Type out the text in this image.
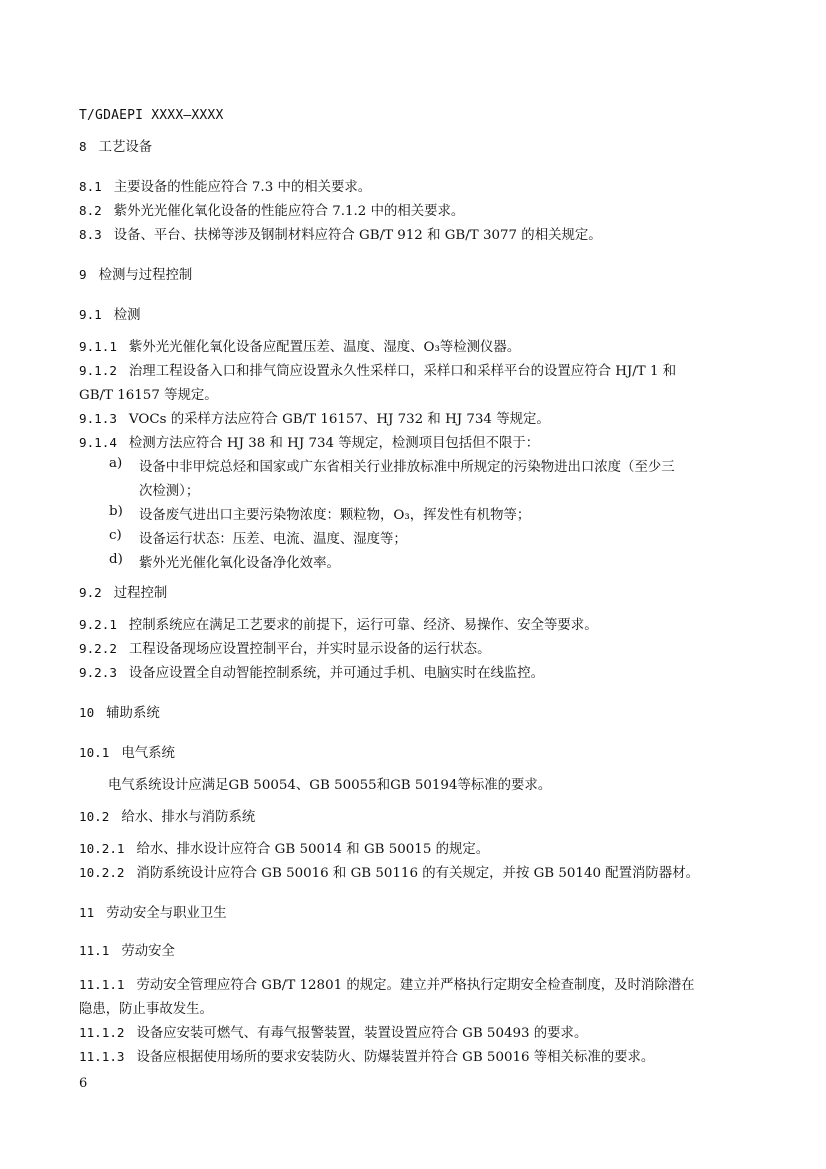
T/GDAEPI XXXX—XXXX
8 工艺设备
8.1 主要设备的性能应符合 7.3 中的相关要求。
8.2 紫外光光催化氧化设备的性能应符合 7.1.2 中的相关要求。
8.3 设备、平台、扶梯等涉及钢制材料应符合 GB/T 912 和 GB/T 3077 的相关规定。
9 检测与过程控制
9.1 检测
9.1.1 紫外光光催化氧化设备应配置压差、温度、湿度、O₃等检测仪器。
9.1.2 治理工程设备入口和排气筒应设置永久性采样口，采样口和采样平台的设置应符合 HJ/T 1 和
GB/T 16157 等规定。
9.1.3 VOCs 的采样方法应符合 GB/T 16157、HJ 732 和 HJ 734 等规定。
9.1.4 检测方法应符合 HJ 38 和 HJ 734 等规定，检测项目包括但不限于：
a) 设备中非甲烷总烃和国家或广东省相关行业排放标准中所规定的污染物进出口浓度（至少三
次检测）；
b) 设备废气进出口主要污染物浓度：颗粒物，O₃，挥发性有机物等；
c) 设备运行状态：压差、电流、温度、湿度等；
d) 紫外光光催化氧化设备净化效率。
9.2 过程控制
9.2.1 控制系统应在满足工艺要求的前提下，运行可靠、经济、易操作、安全等要求。
9.2.2 工程设备现场应设置控制平台，并实时显示设备的运行状态。
9.2.3 设备应设置全自动智能控制系统，并可通过手机、电脑实时在线监控。
10 辅助系统
10.1 电气系统
电气系统设计应满足GB 50054、GB 50055和GB 50194等标准的要求。
10.2 给水、排水与消防系统
10.2.1 给水、排水设计应符合 GB 50014 和 GB 50015 的规定。
10.2.2 消防系统设计应符合 GB 50016 和 GB 50116 的有关规定，并按 GB 50140 配置消防器材。
11 劳动安全与职业卫生
11.1 劳动安全
11.1.1 劳动安全管理应符合 GB/T 12801 的规定。建立并严格执行定期安全检查制度，及时消除潜在
隐患，防止事故发生。
11.1.2 设备应安装可燃气、有毒气报警装置，装置设置应符合 GB 50493 的要求。
11.1.3 设备应根据使用场所的要求安装防火、防爆装置并符合 GB 50016 等相关标准的要求。
6
